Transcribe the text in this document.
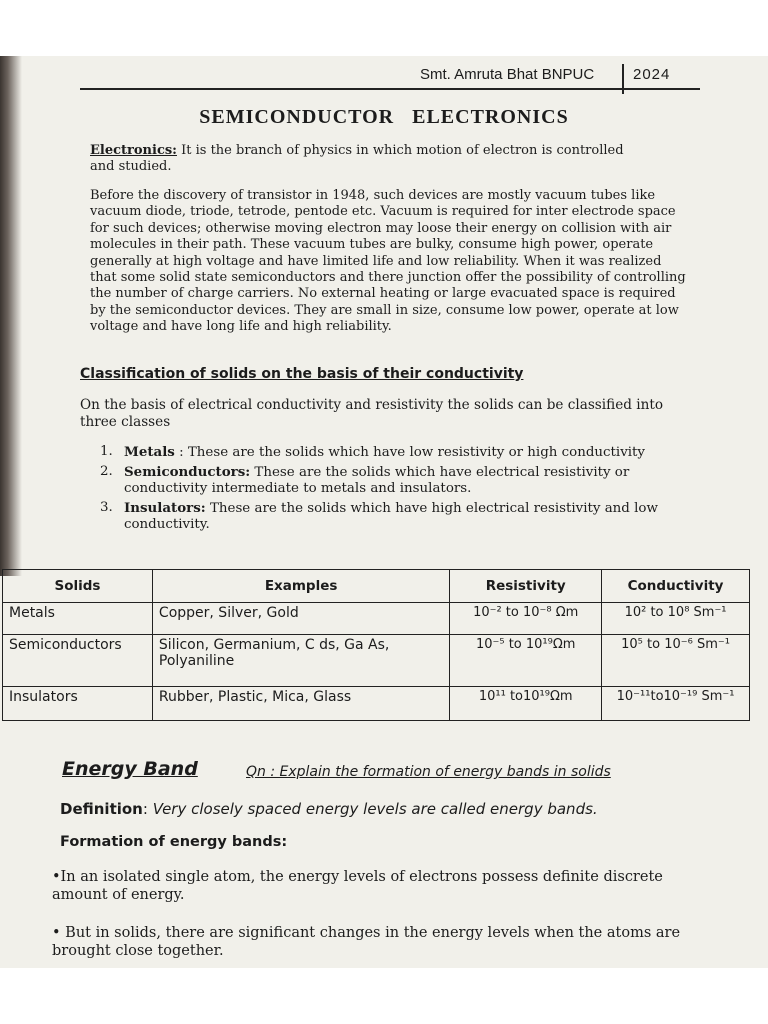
Smt. Amruta Bhat BNPUC	2024
SEMICONDUCTOR   ELECTRONICS

Electronics: It is the branch of physics in which motion of electron is controlled and studied.

Before the discovery of transistor in 1948, such devices are mostly vacuum tubes like vacuum diode, triode, tetrode, pentode etc. Vacuum is required for inter electrode space for such devices; otherwise moving electron may loose their energy on collision with air molecules in their path. These vacuum tubes are bulky, consume high power, operate generally at high voltage and have limited life and low reliability. When it was realized that some solid state semiconductors and there junction offer the possibility of controlling the number of charge carriers. No external heating or large evacuated space is required by the semiconductor devices. They are small in size, consume low power, operate at low voltage and have long life and high reliability.

Classification of solids on the basis of their conductivity

On the basis of electrical conductivity and resistivity the solids can be classified into three classes

1. Metals : These are the solids which have low resistivity or high conductivity
2. Semiconductors: These are the solids which have electrical resistivity or conductivity intermediate to metals and insulators.
3. Insulators: These are the solids which have high electrical resistivity and low conductivity.
Solids	Examples	Resistivity	Conductivity
Metals	Copper, Silver, Gold	10⁻² to 10⁻⁸ Ωm	10² to 10⁸ Sm⁻¹
Semiconductors	Silicon, Germanium, C ds, Ga As, Polyaniline	10⁻⁵ to 10¹⁹Ωm	10⁵ to 10⁻⁶ Sm⁻¹
Insulators	Rubber, Plastic, Mica, Glass	10¹¹ to10¹⁹Ωm	10⁻¹¹to10⁻¹⁹ Sm⁻¹
Energy Band	Qn : Explain the formation of energy bands in solids
Definition: Very closely spaced energy levels are called energy bands.
Formation of energy bands:

•In an isolated single atom, the energy levels of electrons possess definite discrete amount of energy.

• But in solids, there are significant changes in the energy levels when the atoms are brought close together.
